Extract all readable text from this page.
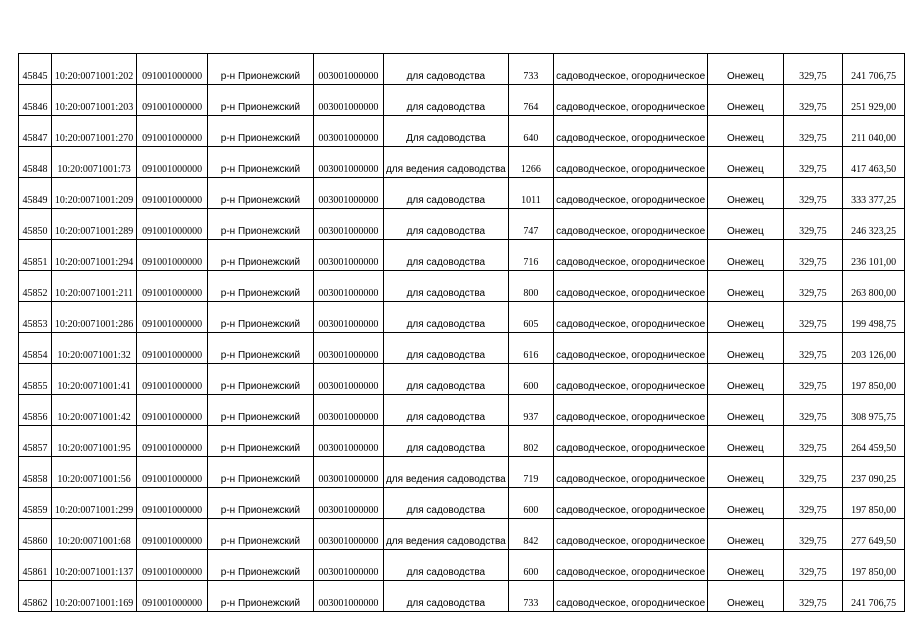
45845	10:20:0071001:202	091001000000	р-н Прионежский	003001000000	для садоводства	733	садоводческое, огородническое	Онежец	329,75	241 706,75
45846	10:20:0071001:203	091001000000	р-н Прионежский	003001000000	для садоводства	764	садоводческое, огородническое	Онежец	329,75	251 929,00
45847	10:20:0071001:270	091001000000	р-н Прионежский	003001000000	Для садоводства	640	садоводческое, огородническое	Онежец	329,75	211 040,00
45848	10:20:0071001:73	091001000000	р-н Прионежский	003001000000	для ведения садоводства	1266	садоводческое, огородническое	Онежец	329,75	417 463,50
45849	10:20:0071001:209	091001000000	р-н Прионежский	003001000000	для садоводства	1011	садоводческое, огородническое	Онежец	329,75	333 377,25
45850	10:20:0071001:289	091001000000	р-н Прионежский	003001000000	для садоводства	747	садоводческое, огородническое	Онежец	329,75	246 323,25
45851	10:20:0071001:294	091001000000	р-н Прионежский	003001000000	для садоводства	716	садоводческое, огородническое	Онежец	329,75	236 101,00
45852	10:20:0071001:211	091001000000	р-н Прионежский	003001000000	для садоводства	800	садоводческое, огородническое	Онежец	329,75	263 800,00
45853	10:20:0071001:286	091001000000	р-н Прионежский	003001000000	для садоводства	605	садоводческое, огородническое	Онежец	329,75	199 498,75
45854	10:20:0071001:32	091001000000	р-н Прионежский	003001000000	для садоводства	616	садоводческое, огородническое	Онежец	329,75	203 126,00
45855	10:20:0071001:41	091001000000	р-н Прионежский	003001000000	для садоводства	600	садоводческое, огородническое	Онежец	329,75	197 850,00
45856	10:20:0071001:42	091001000000	р-н Прионежский	003001000000	для садоводства	937	садоводческое, огородническое	Онежец	329,75	308 975,75
45857	10:20:0071001:95	091001000000	р-н Прионежский	003001000000	для садоводства	802	садоводческое, огородническое	Онежец	329,75	264 459,50
45858	10:20:0071001:56	091001000000	р-н Прионежский	003001000000	для ведения садоводства	719	садоводческое, огородническое	Онежец	329,75	237 090,25
45859	10:20:0071001:299	091001000000	р-н Прионежский	003001000000	для садоводства	600	садоводческое, огородническое	Онежец	329,75	197 850,00
45860	10:20:0071001:68	091001000000	р-н Прионежский	003001000000	для ведения садоводства	842	садоводческое, огородническое	Онежец	329,75	277 649,50
45861	10:20:0071001:137	091001000000	р-н Прионежский	003001000000	для садоводства	600	садоводческое, огородническое	Онежец	329,75	197 850,00
45862	10:20:0071001:169	091001000000	р-н Прионежский	003001000000	для садоводства	733	садоводческое, огородническое	Онежец	329,75	241 706,75
